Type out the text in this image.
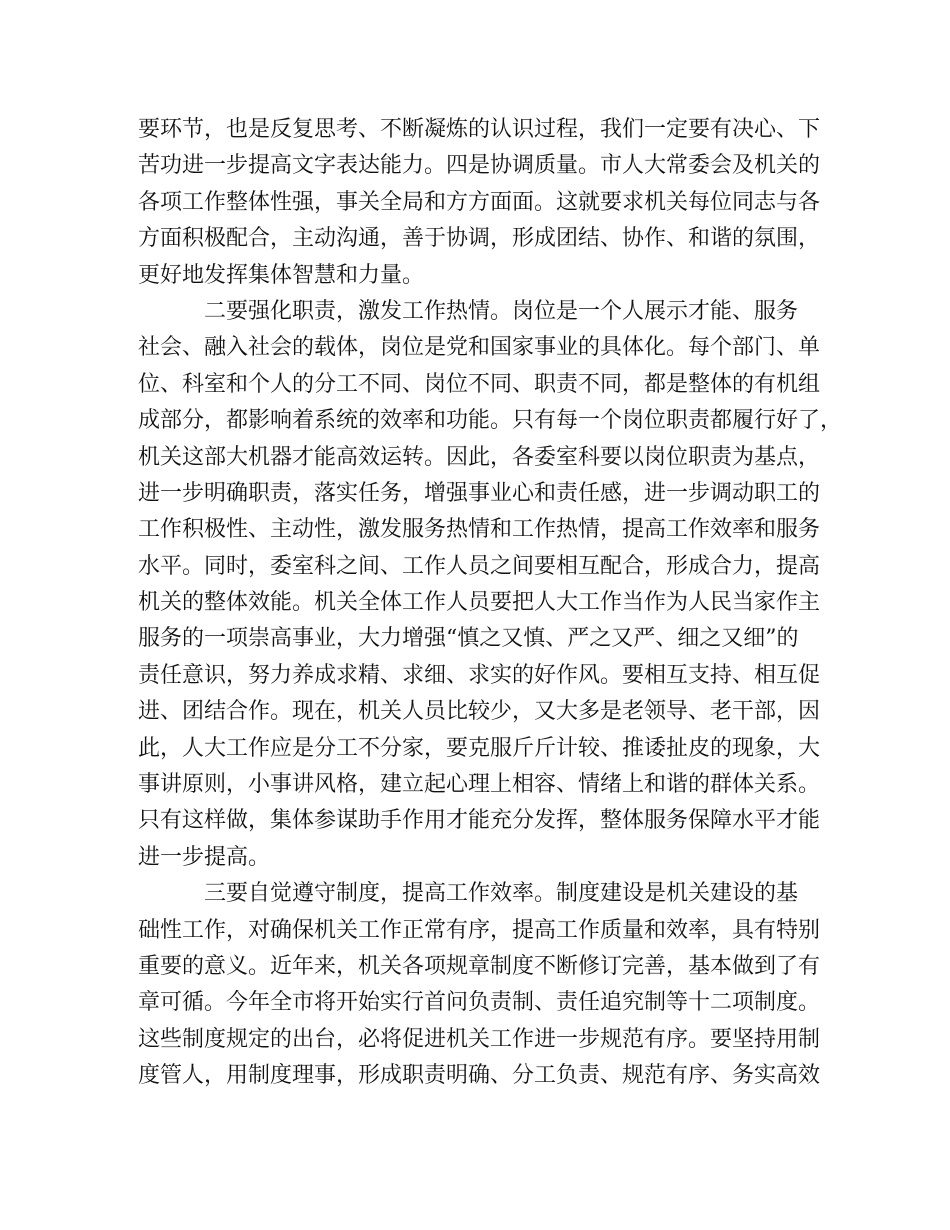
要环节，也是反复思考、不断凝炼的认识过程，我们一定要有决心、下
苦功进一步提高文字表达能力。四是协调质量。市人大常委会及机关的
各项工作整体性强，事关全局和方方面面。这就要求机关每位同志与各
方面积极配合，主动沟通，善于协调，形成团结、协作、和谐的氛围，
更好地发挥集体智慧和力量。
二要强化职责，激发工作热情。岗位是一个人展示才能、服务
社会、融入社会的载体，岗位是党和国家事业的具体化。每个部门、单
位、科室和个人的分工不同、岗位不同、职责不同，都是整体的有机组
成部分，都影响着系统的效率和功能。只有每一个岗位职责都履行好了，
机关这部大机器才能高效运转。因此，各委室科要以岗位职责为基点，
进一步明确职责，落实任务，增强事业心和责任感，进一步调动职工的
工作积极性、主动性，激发服务热情和工作热情，提高工作效率和服务
水平。同时，委室科之间、工作人员之间要相互配合，形成合力，提高
机关的整体效能。机关全体工作人员要把人大工作当作为人民当家作主
服务的一项崇高事业，大力增强“慎之又慎、严之又严、细之又细”的
责任意识，努力养成求精、求细、求实的好作风。要相互支持、相互促
进、团结合作。现在，机关人员比较少，又大多是老领导、老干部，因
此，人大工作应是分工不分家，要克服斤斤计较、推诿扯皮的现象，大
事讲原则，小事讲风格，建立起心理上相容、情绪上和谐的群体关系。
只有这样做，集体参谋助手作用才能充分发挥，整体服务保障水平才能
进一步提高。
三要自觉遵守制度，提高工作效率。制度建设是机关建设的基
础性工作，对确保机关工作正常有序，提高工作质量和效率，具有特别
重要的意义。近年来，机关各项规章制度不断修订完善，基本做到了有
章可循。今年全市将开始实行首问负责制、责任追究制等十二项制度。
这些制度规定的出台，必将促进机关工作进一步规范有序。要坚持用制
度管人，用制度理事，形成职责明确、分工负责、规范有序、务实高效
